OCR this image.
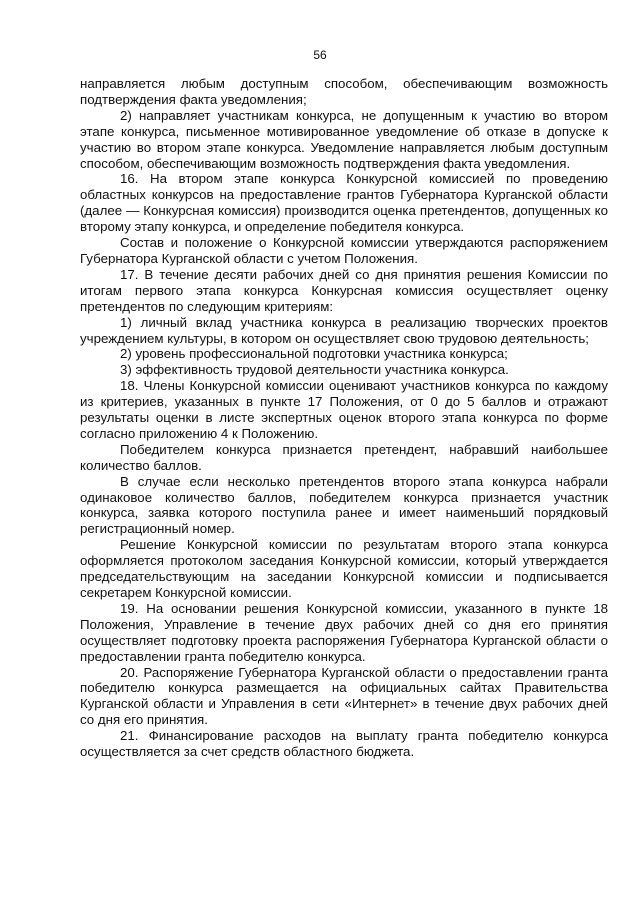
56

направляется любым доступным способом, обеспечивающим возможность подтверждения факта уведомления;

2) направляет участникам конкурса, не допущенным к участию во втором этапе конкурса, письменное мотивированное уведомление об отказе в допуске к участию во втором этапе конкурса. Уведомление направляется любым доступным способом, обеспечивающим возможность подтверждения факта уведомления.

16. На втором этапе конкурса Конкурсной комиссией по проведению областных конкурсов на предоставление грантов Губернатора Курганской области (далее — Конкурсная комиссия) производится оценка претендентов, допущенных ко второму этапу конкурса, и определение победителя конкурса.

Состав и положение о Конкурсной комиссии утверждаются распоряжением Губернатора Курганской области с учетом Положения.

17. В течение десяти рабочих дней со дня принятия решения Комиссии по итогам первого этапа конкурса Конкурсная комиссия осуществляет оценку претендентов по следующим критериям:

1) личный вклад участника конкурса в реализацию творческих проектов учреждением культуры, в котором он осуществляет свою трудовою деятельность;

2) уровень профессиональной подготовки участника конкурса;

3) эффективность трудовой деятельности участника конкурса.

18. Члены Конкурсной комиссии оценивают участников конкурса по каждому из критериев, указанных в пункте 17 Положения, от 0 до 5 баллов и отражают результаты оценки в листе экспертных оценок второго этапа конкурса по форме согласно приложению 4 к Положению.

Победителем конкурса признается претендент, набравший наибольшее количество баллов.

В случае если несколько претендентов второго этапа конкурса набрали одинаковое количество баллов, победителем конкурса признается участник конкурса, заявка которого поступила ранее и имеет наименьший порядковый регистрационный номер.

Решение Конкурсной комиссии по результатам второго этапа конкурса оформляется протоколом заседания Конкурсной комиссии, который утверждается председательствующим на заседании Конкурсной комиссии и подписывается секретарем Конкурсной комиссии.

19. На основании решения Конкурсной комиссии, указанного в пункте 18 Положения, Управление в течение двух рабочих дней со дня его принятия осуществляет подготовку проекта распоряжения Губернатора Курганской области о предоставлении гранта победителю конкурса.

20. Распоряжение Губернатора Курганской области о предоставлении гранта победителю конкурса размещается на официальных сайтах Правительства Курганской области и Управления в сети «Интернет» в течение двух рабочих дней со дня его принятия.

21. Финансирование расходов на выплату гранта победителю конкурса осуществляется за счет средств областного бюджета.
